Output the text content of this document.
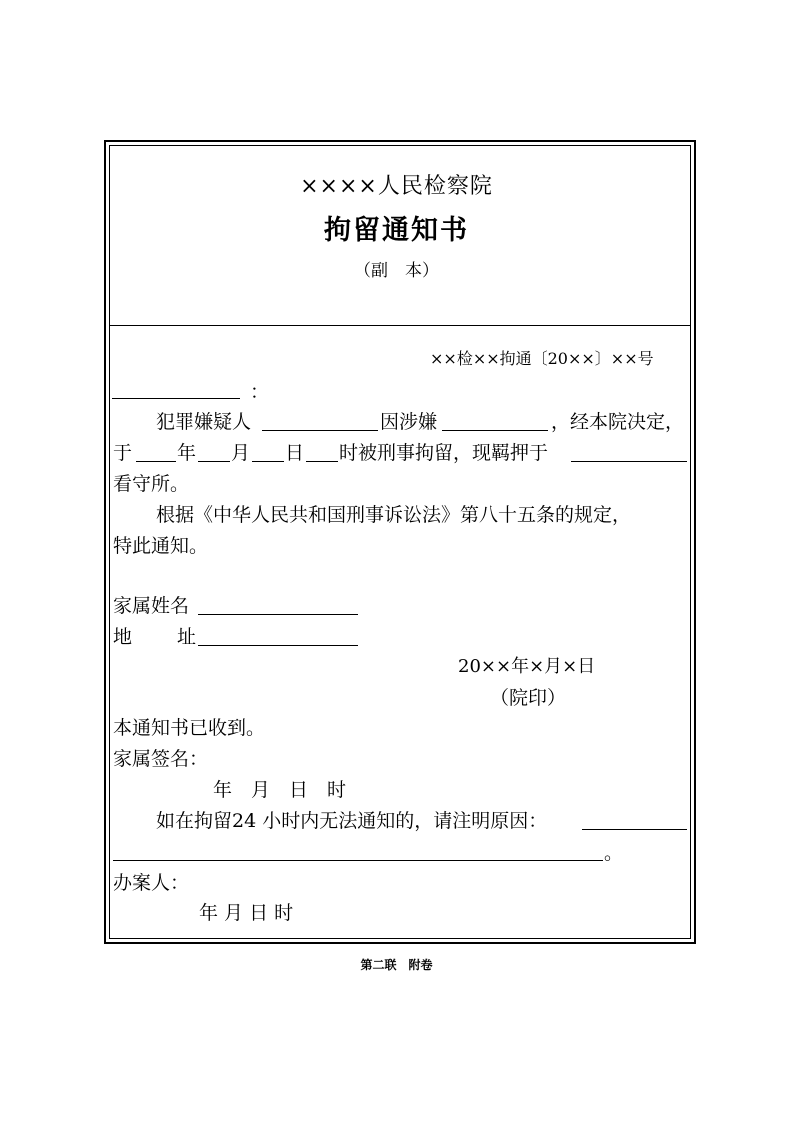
××××人民检察院
拘留通知书
（副　本）
××检××拘通〔20××〕××号
：
犯罪嫌疑人	因涉嫌	，经本院决定，
于 年 月 日 时被刑事拘留，现羁押于
看守所。
根据《中华人民共和国刑事诉讼法》第八十五条的规定，
特此通知。
家属姓名
地 址
20××年×月×日
（院印）
本通知书已收到。
家属签名：
年　月　日　时
如在拘留24 小时内无法通知的，请注明原因：
。
办案人：
年 月 日 时
第二联　附卷
